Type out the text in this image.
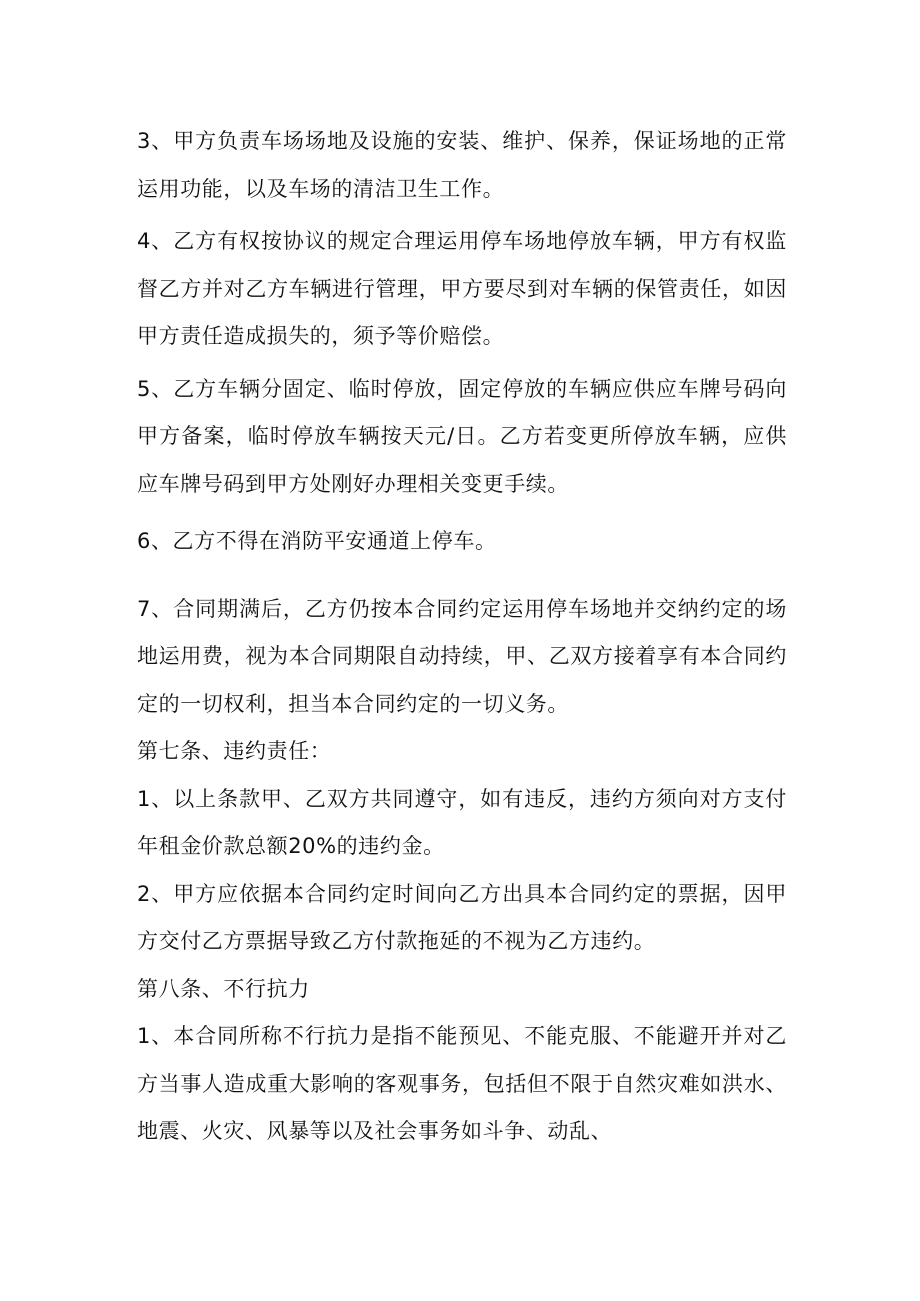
3、甲方负责车场场地及设施的安装、维护、保养，保证场地的正常运用功能，以及车场的清洁卫生工作。

4、乙方有权按协议的规定合理运用停车场地停放车辆，甲方有权监督乙方并对乙方车辆进行管理，甲方要尽到对车辆的保管责任，如因甲方责任造成损失的，须予等价赔偿。

5、乙方车辆分固定、临时停放，固定停放的车辆应供应车牌号码向甲方备案，临时停放车辆按天元/日。乙方若变更所停放车辆，应供应车牌号码到甲方处刚好办理相关变更手续。

6、乙方不得在消防平安通道上停车。

7、合同期满后，乙方仍按本合同约定运用停车场地并交纳约定的场地运用费，视为本合同期限自动持续，甲、乙双方接着享有本合同约定的一切权利，担当本合同约定的一切义务。

第七条、违约责任：

1、以上条款甲、乙双方共同遵守，如有违反，违约方须向对方支付年租金价款总额20%的违约金。

2、甲方应依据本合同约定时间向乙方出具本合同约定的票据，因甲方交付乙方票据导致乙方付款拖延的不视为乙方违约。

第八条、不行抗力

1、本合同所称不行抗力是指不能预见、不能克服、不能避开并对乙方当事人造成重大影响的客观事务，包括但不限于自然灾难如洪水、地震、火灾、风暴等以及社会事务如斗争、动乱、
